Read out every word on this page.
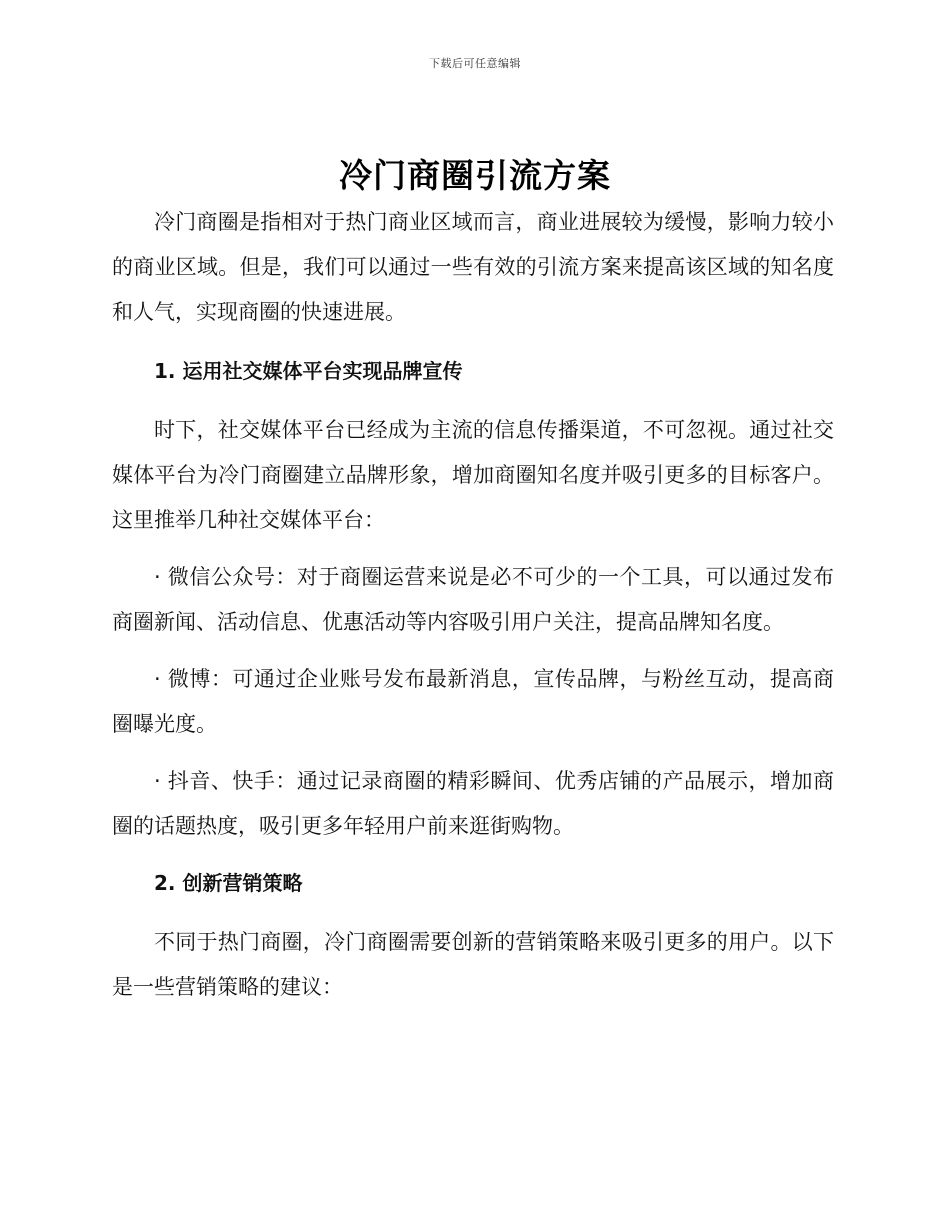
下载后可任意编辑
冷门商圈引流方案

冷门商圈是指相对于热门商业区域而言，商业进展较为缓慢，影响力较小的商业区域。但是，我们可以通过一些有效的引流方案来提高该区域的知名度和人气，实现商圈的快速进展。

1. 运用社交媒体平台实现品牌宣传

时下，社交媒体平台已经成为主流的信息传播渠道，不可忽视。通过社交媒体平台为冷门商圈建立品牌形象，增加商圈知名度并吸引更多的目标客户。这里推举几种社交媒体平台：

· 微信公众号：对于商圈运营来说是必不可少的一个工具，可以通过发布商圈新闻、活动信息、优惠活动等内容吸引用户关注，提高品牌知名度。

· 微博：可通过企业账号发布最新消息，宣传品牌，与粉丝互动，提高商圈曝光度。

· 抖音、快手：通过记录商圈的精彩瞬间、优秀店铺的产品展示，增加商圈的话题热度，吸引更多年轻用户前来逛街购物。

2. 创新营销策略

不同于热门商圈，冷门商圈需要创新的营销策略来吸引更多的用户。以下是一些营销策略的建议：
